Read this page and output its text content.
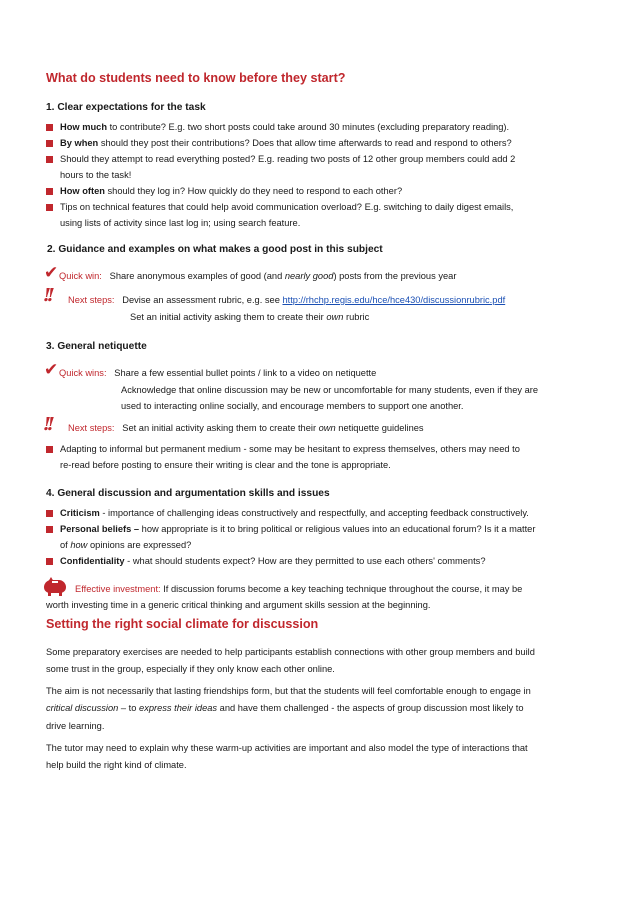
What do students need to know before they start?
1. Clear expectations for the task
How much to contribute? E.g. two short posts could take around 30 minutes (excluding preparatory reading).
By when should they post their contributions? Does that allow time afterwards to read and respond to others?
Should they attempt to read everything posted? E.g. reading two posts of 12 other group members could add 2
hours to the task!
How often should they log in? How quickly do they need to respond to each other?
Tips on technical features that could help avoid communication overload? E.g. switching to daily digest emails,
using lists of activity since last log in; using search feature.
2. Guidance and examples on what makes a good post in this subject
✔ Quick win: Share anonymous examples of good (and nearly good) posts from the previous year
!! Next steps: Devise an assessment rubric, e.g. see http://rhchp.regis.edu/hce/hce430/discussionrubric.pdf
Set an initial activity asking them to create their own rubric
3. General netiquette
✔ Quick wins: Share a few essential bullet points / link to a video on netiquette
Acknowledge that online discussion may be new or uncomfortable for many students, even if they are
used to interacting online socially, and encourage members to support one another.
!! Next steps: Set an initial activity asking them to create their own netiquette guidelines
Adapting to informal but permanent medium - some may be hesitant to express themselves, others may need to
re-read before posting to ensure their writing is clear and the tone is appropriate.
4. General discussion and argumentation skills and issues
Criticism - importance of challenging ideas constructively and respectfully, and accepting feedback constructively.
Personal beliefs – how appropriate is it to bring political or religious values into an educational forum? Is it a matter
of how opinions are expressed?
Confidentiality - what should students expect? How are they permitted to use each others' comments?
Effective investment: If discussion forums become a key teaching technique throughout the course, it may be
worth investing time in a generic critical thinking and argument skills session at the beginning.
Setting the right social climate for discussion
Some preparatory exercises are needed to help participants establish connections with other group members and build
some trust in the group, especially if they only know each other online.
The aim is not necessarily that lasting friendships form, but that the students will feel comfortable enough to engage in
critical discussion – to express their ideas and have them challenged - the aspects of group discussion most likely to
drive learning.
The tutor may need to explain why these warm-up activities are important and also model the type of interactions that
help build the right kind of climate.
